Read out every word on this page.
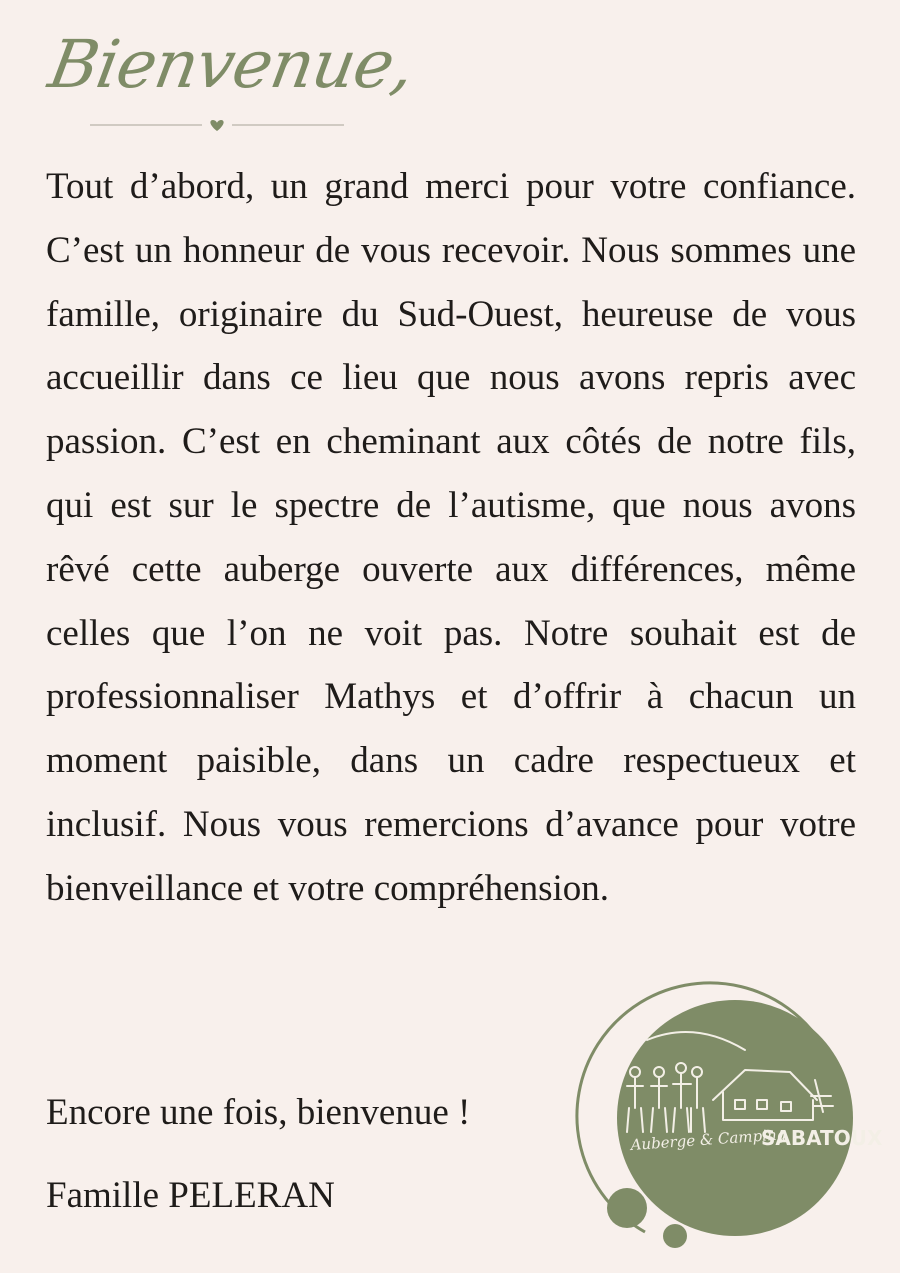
Bienvenue,

Tout d’abord, un grand merci pour votre confiance. C’est un honneur de vous recevoir. Nous sommes une famille, originaire du Sud-Ouest, heureuse de vous accueillir dans ce lieu que nous avons repris avec passion. C’est en cheminant aux côtés de notre fils, qui est sur le spectre de l’autisme, que nous avons rêvé cette auberge ouverte aux différences, même celles que l’on ne voit pas. Notre souhait est de professionnaliser Mathys et d’offrir à chacun un moment paisible, dans un cadre respectueux et inclusif. Nous vous remercions d’avance pour votre bienveillance et votre compréhension.

Encore une fois, bienvenue !

Famille PELERAN

Auberge & Camping
SABATOUX
